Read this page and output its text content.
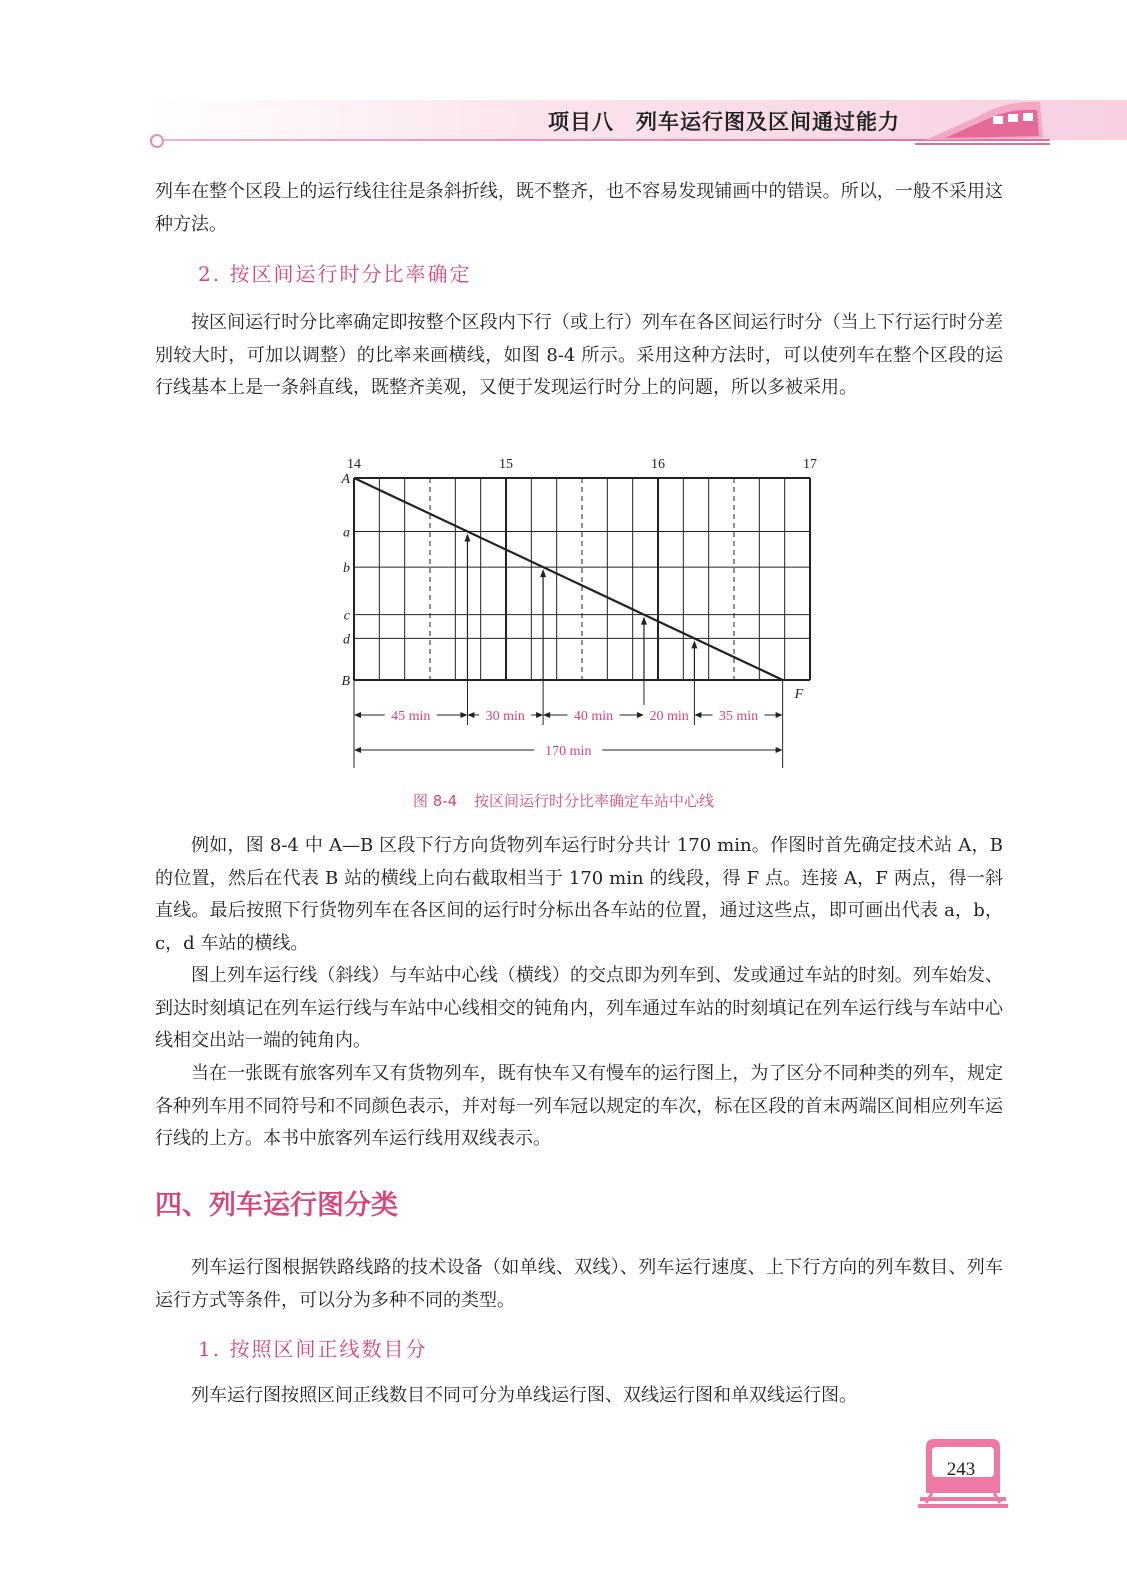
项目八　列车运行图及区间通过能力

列车在整个区段上的运行线往往是条斜折线，既不整齐，也不容易发现铺画中的错误。所以，一般不采用这种方法。

2. 按区间运行时分比率确定

按区间运行时分比率确定即按整个区段内下行（或上行）列车在各区间运行时分（当上下行运行时分差别较大时，可加以调整）的比率来画横线，如图 8-4 所示。采用这种方法时，可以使列车在整个区段的运行线基本上是一条斜直线，既整齐美观，又便于发现运行时分上的问题，所以多被采用。

A
a
b
c
d
B
14	15	16	17
F
45 min	30 min	40 min	20 min 35 min
170 min
图 8-4 按区间运行时分比率确定车站中心线

例如，图 8-4 中 A—B 区段下行方向货物列车运行时分共计 170 min。作图时首先确定技术站 A，B 的位置，然后在代表 B 站的横线上向右截取相当于 170 min 的线段，得 F 点。连接 A，F 两点，得一斜直线。最后按照下行货物列车在各区间的运行时分标出各车站的位置，通过这些点，即可画出代表 a，b，c，d 车站的横线。

图上列车运行线（斜线）与车站中心线（横线）的交点即为列车到、发或通过车站的时刻。列车始发、到达时刻填记在列车运行线与车站中心线相交的钝角内，列车通过车站的时刻填记在列车运行线与车站中心线相交出站一端的钝角内。

当在一张既有旅客列车又有货物列车，既有快车又有慢车的运行图上，为了区分不同种类的列车，规定各种列车用不同符号和不同颜色表示，并对每一列车冠以规定的车次，标在区段的首末两端区间相应列车运行线的上方。本书中旅客列车运行线用双线表示。

四、列车运行图分类

列车运行图根据铁路线路的技术设备（如单线、双线）、列车运行速度、上下行方向的列车数目、列车运行方式等条件，可以分为多种不同的类型。

1. 按照区间正线数目分

列车运行图按照区间正线数目不同可分为单线运行图、双线运行图和单双线运行图。

243
